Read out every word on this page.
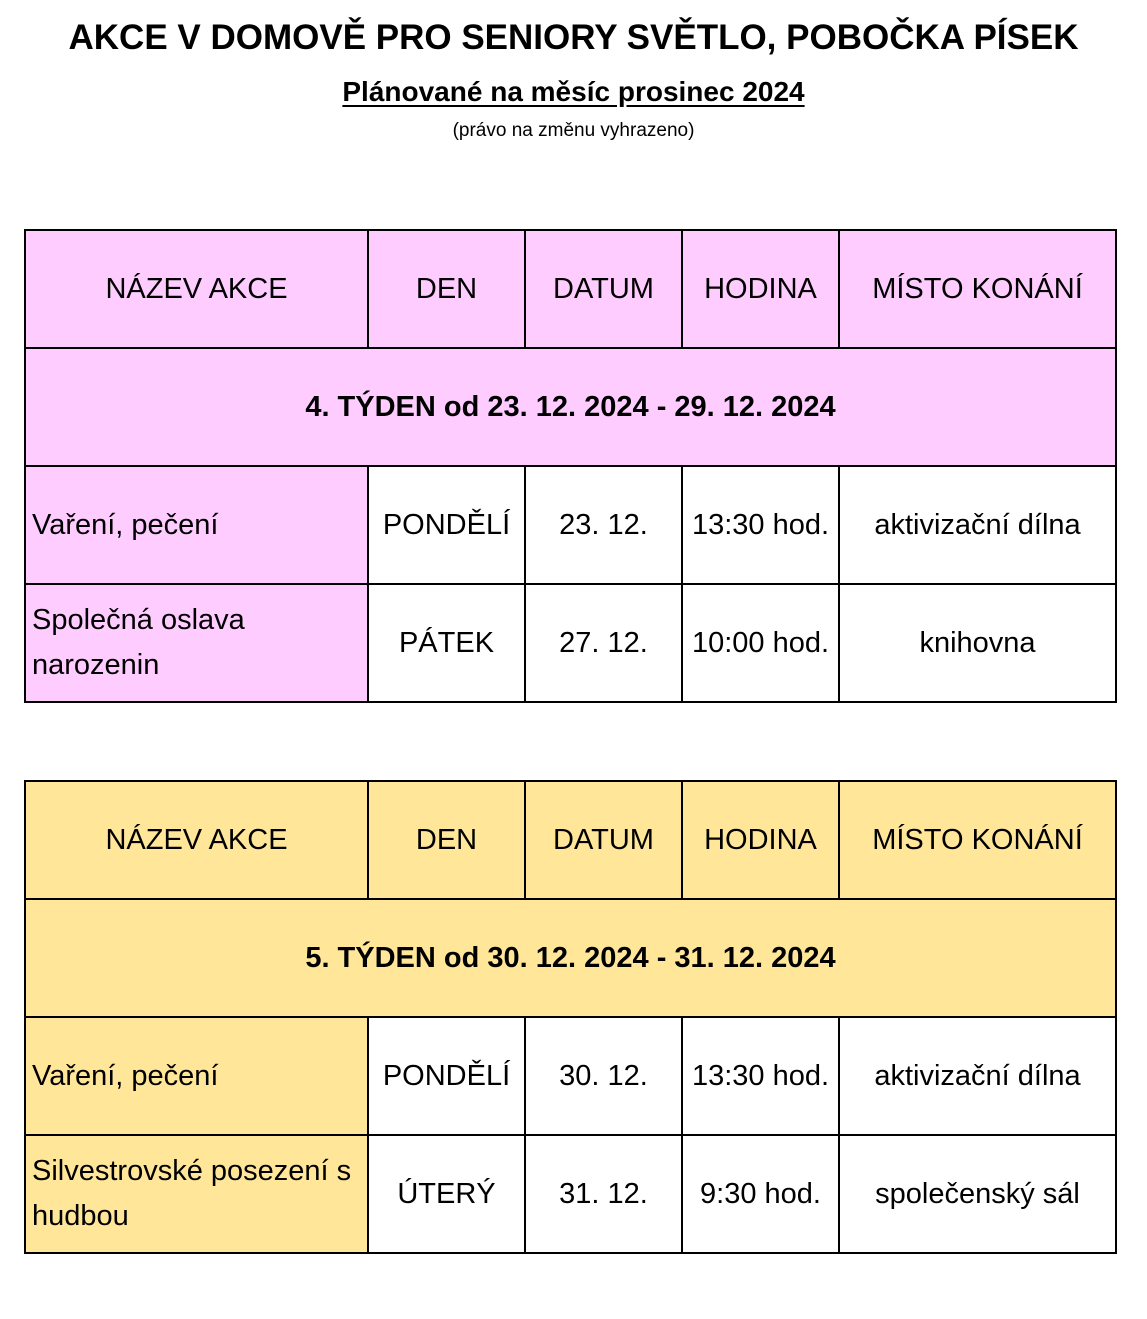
AKCE V DOMOVĚ PRO SENIORY SVĚTLO, POBOČKA PÍSEK
Plánované na měsíc prosinec 2024
(právo na změnu vyhrazeno)
NÁZEV AKCE	DEN	DATUM	HODINA	MÍSTO KONÁNÍ
4. TÝDEN od 23. 12. 2024 - 29. 12. 2024				
Vaření, pečení	PONDĚLÍ	23. 12.	13:30 hod.	aktivizační dílna
Společná oslava narozenin	PÁTEK	27. 12.	10:00 hod.	knihovna
NÁZEV AKCE	DEN	DATUM	HODINA	MÍSTO KONÁNÍ
5. TÝDEN od 30. 12. 2024 - 31. 12. 2024				
Vaření, pečení	PONDĚLÍ	30. 12.	13:30 hod.	aktivizační dílna
Silvestrovské posezení s hudbou	ÚTERÝ	31. 12.	9:30 hod.	společenský sál
